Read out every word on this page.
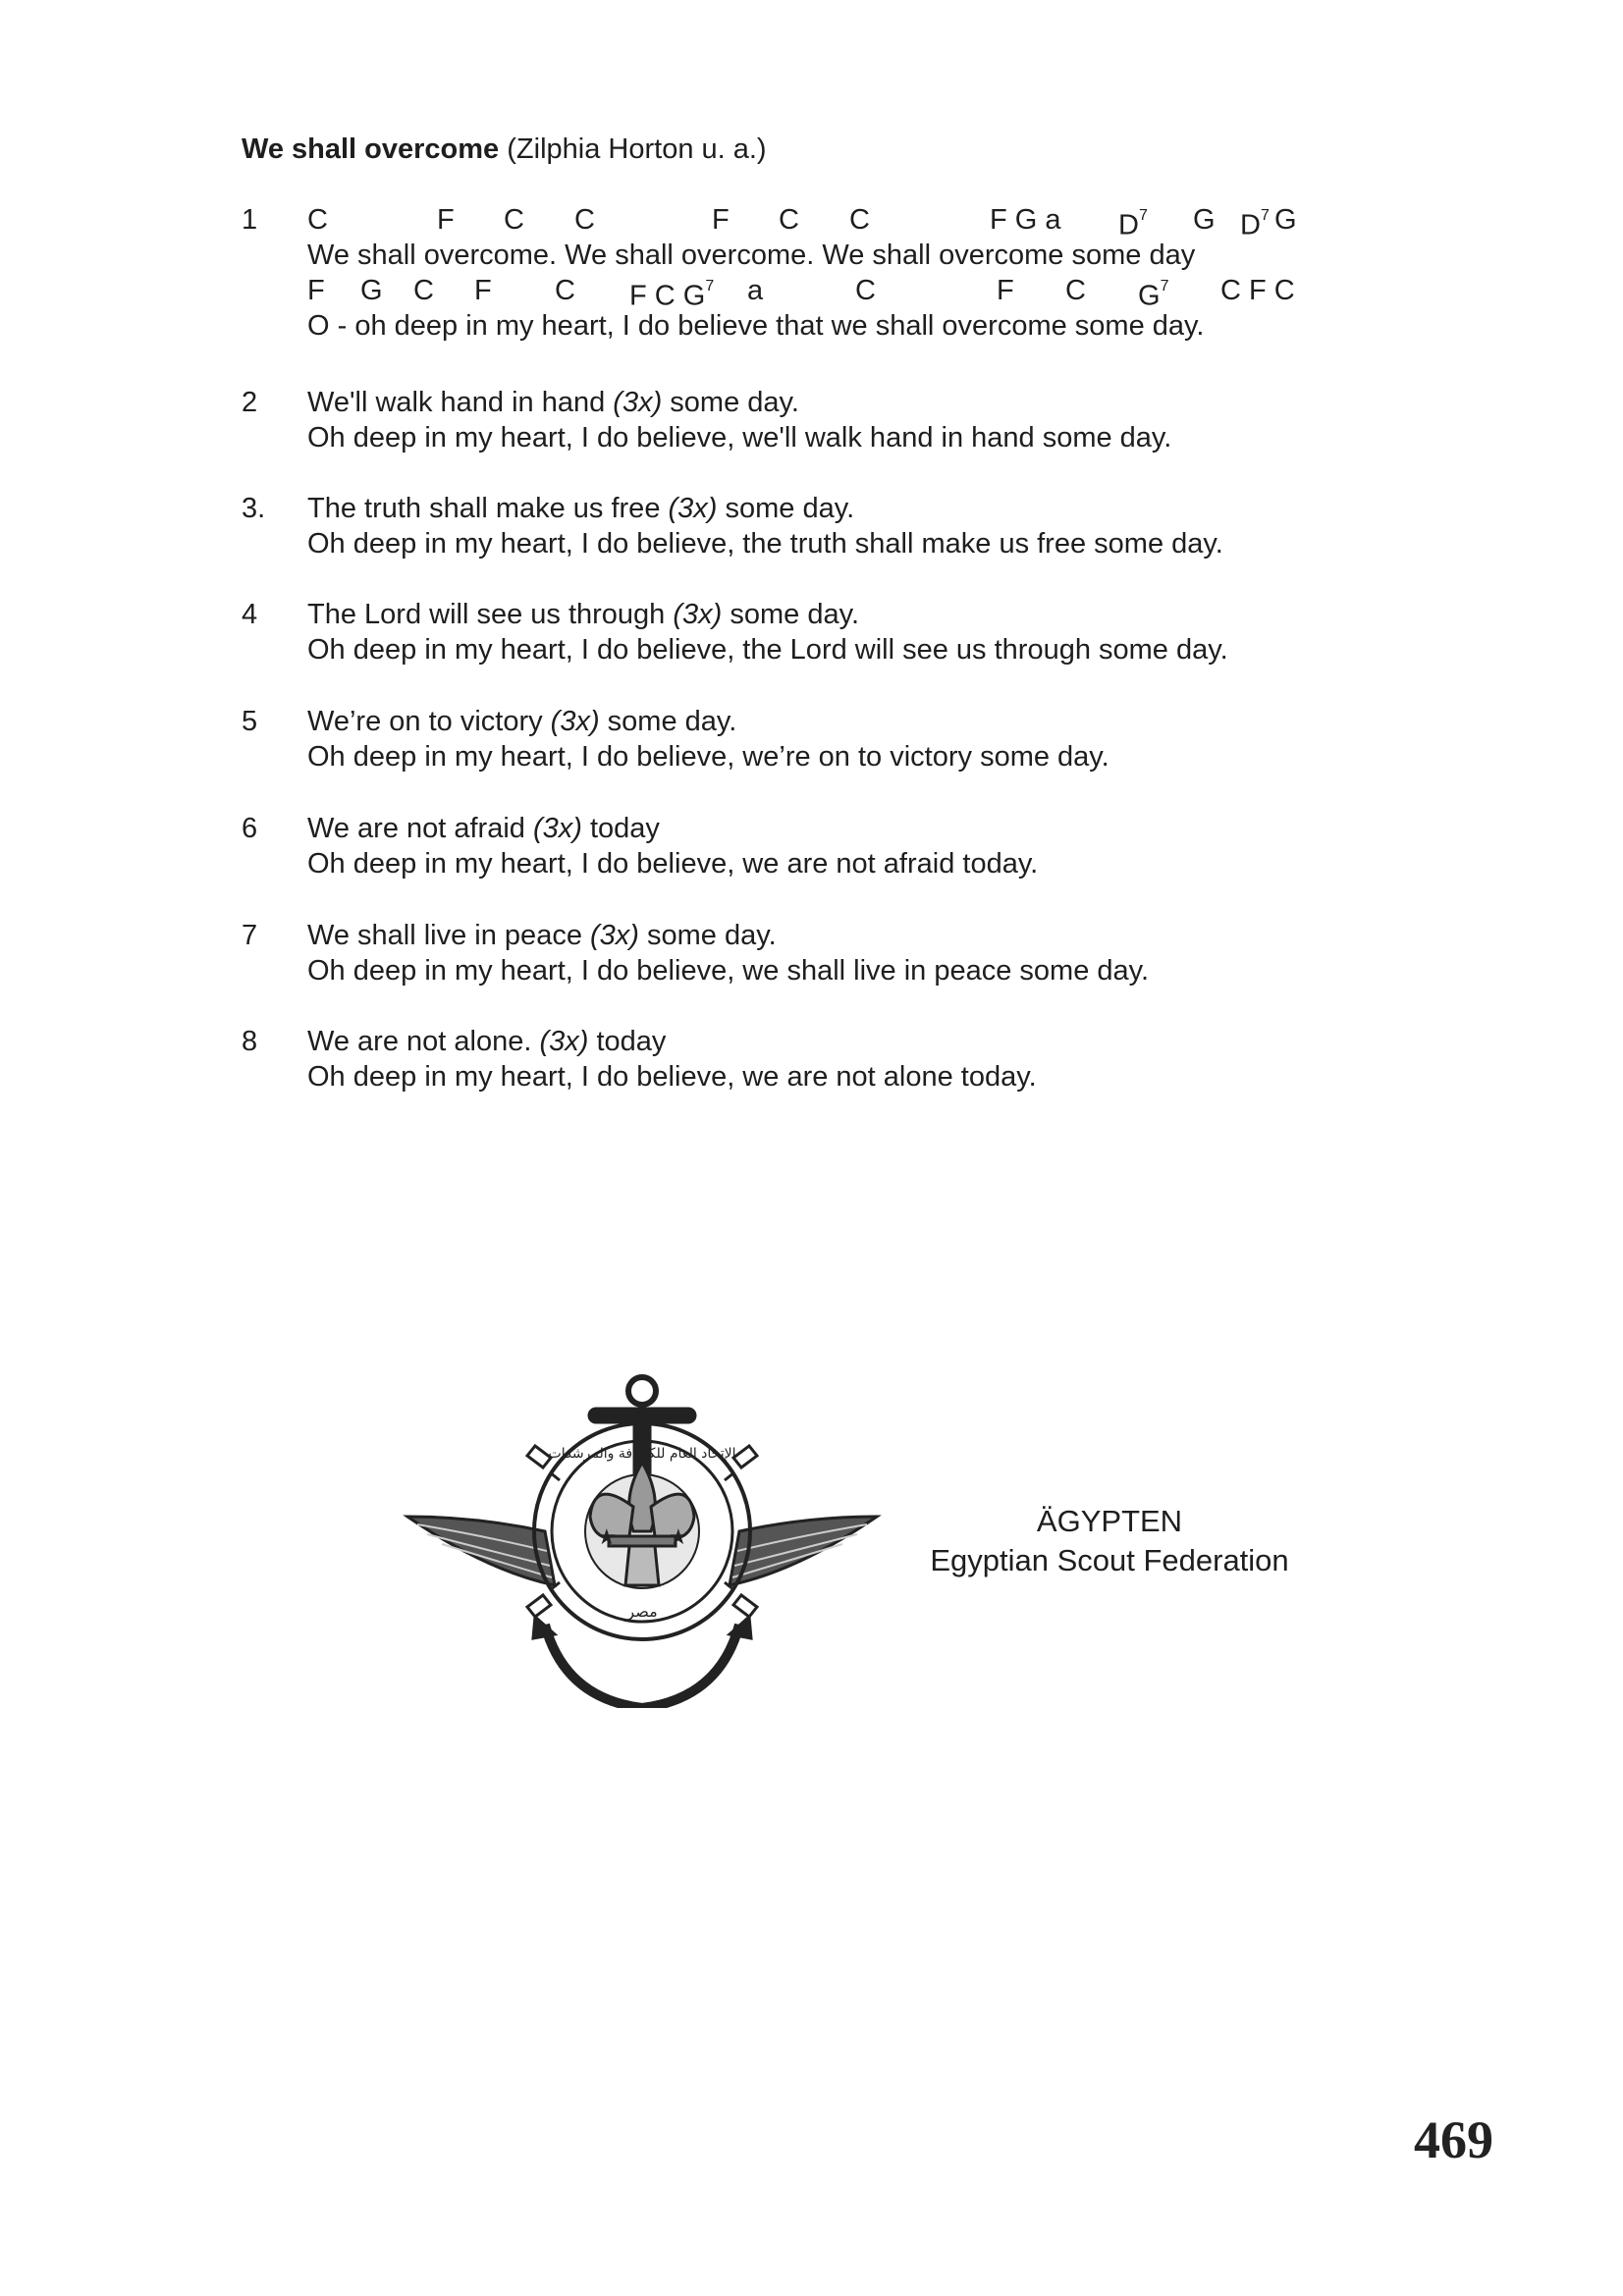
We shall overcome (Zilphia Horton u. a.)
1	C	F C C	F C C	F G a $D^7$ G $D^7$ G
We shall overcome. We shall overcome. We shall overcome some day
F G C F C F C $G^7$ a	C	F C $G^7$ C F C
O - oh deep in my heart, I do believe that we shall overcome some day.
2	We'll walk hand in hand (3x) some day.
Oh deep in my heart, I do believe, we'll walk hand in hand some day.
3.	The truth shall make us free (3x) some day.
Oh deep in my heart, I do believe, the truth shall make us free some day.
4	The Lord will see us through (3x) some day.
Oh deep in my heart, I do believe, the Lord will see us through some day.
5	We’re on to victory (3x) some day.
Oh deep in my heart, I do believe, we’re on to victory some day.
6	We are not afraid (3x) today
Oh deep in my heart, I do believe, we are not afraid today.
7	We shall live in peace (3x) some day.
Oh deep in my heart, I do believe, we shall live in peace some day.
8	We are not alone. (3x) today
Oh deep in my heart, I do believe, we are not alone today.
★ ★
الإتحاد العام للكشافة والمرشدات
مصر
ÄGYPTEN
Egyptian Scout Federation
469
